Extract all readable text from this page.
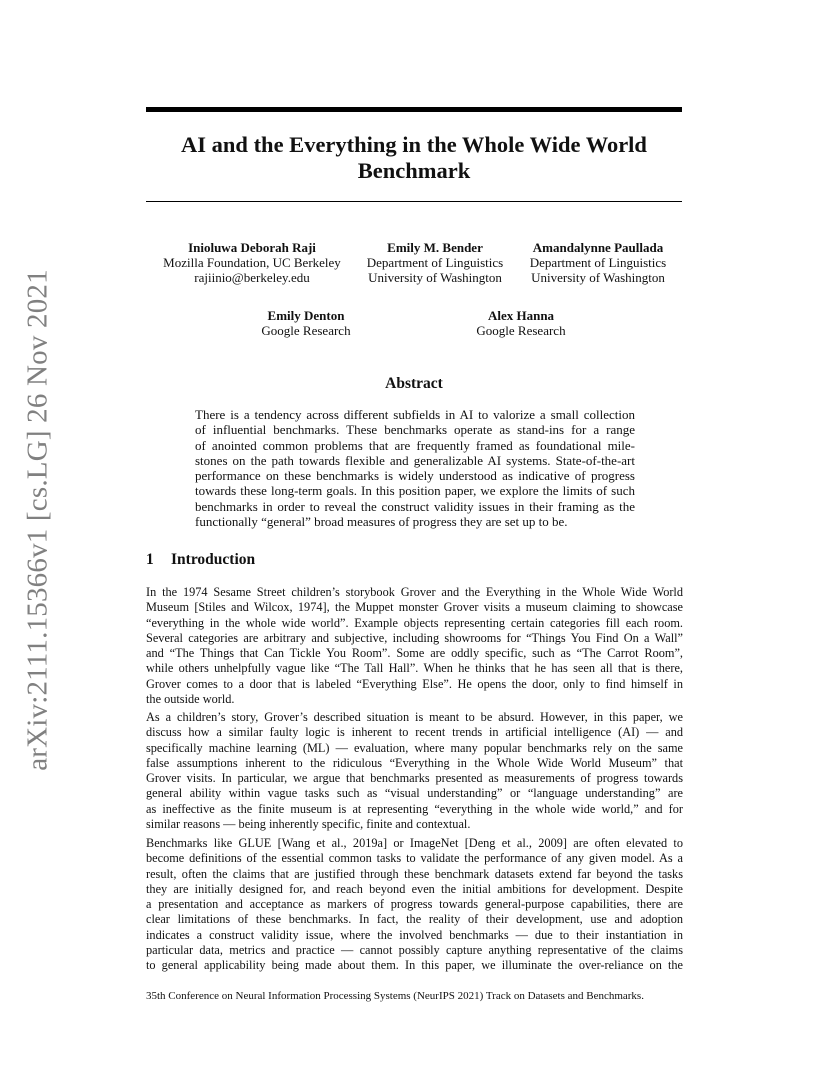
arXiv:2111.15366v1 [cs.LG] 26 Nov 2021
AI and the Everything in the Whole Wide World
Benchmark
Inioluwa Deborah Raji
Mozilla Foundation, UC Berkeley
rajiinio@berkeley.edu
Emily M. Bender
Department of Linguistics
University of Washington
Amandalynne Paullada
Department of Linguistics
University of Washington
Emily Denton
Google Research
Alex Hanna
Google Research
Abstract
There is a tendency across different subfields in AI to valorize a small collection
of influential benchmarks. These benchmarks operate as stand-ins for a range
of anointed common problems that are frequently framed as foundational mile-
stones on the path towards flexible and generalizable AI systems. State-of-the-art
performance on these benchmarks is widely understood as indicative of progress
towards these long-term goals. In this position paper, we explore the limits of such
benchmarks in order to reveal the construct validity issues in their framing as the
functionally “general” broad measures of progress they are set up to be.
1 Introduction
In the 1974 Sesame Street children’s storybook Grover and the Everything in the Whole Wide World
Museum [Stiles and Wilcox, 1974], the Muppet monster Grover visits a museum claiming to showcase
“everything in the whole wide world”. Example objects representing certain categories fill each room.
Several categories are arbitrary and subjective, including showrooms for “Things You Find On a Wall”
and “The Things that Can Tickle You Room”. Some are oddly specific, such as “The Carrot Room”,
while others unhelpfully vague like “The Tall Hall”. When he thinks that he has seen all that is there,
Grover comes to a door that is labeled “Everything Else”. He opens the door, only to find himself in
the outside world.
As a children’s story, Grover’s described situation is meant to be absurd. However, in this paper, we
discuss how a similar faulty logic is inherent to recent trends in artificial intelligence (AI) — and
specifically machine learning (ML) — evaluation, where many popular benchmarks rely on the same
false assumptions inherent to the ridiculous “Everything in the Whole Wide World Museum” that
Grover visits. In particular, we argue that benchmarks presented as measurements of progress towards
general ability within vague tasks such as “visual understanding” or “language understanding” are
as ineffective as the finite museum is at representing “everything in the whole wide world,” and for
similar reasons — being inherently specific, finite and contextual.
Benchmarks like GLUE [Wang et al., 2019a] or ImageNet [Deng et al., 2009] are often elevated to
become definitions of the essential common tasks to validate the performance of any given model. As a
result, often the claims that are justified through these benchmark datasets extend far beyond the tasks
they are initially designed for, and reach beyond even the initial ambitions for development. Despite
a presentation and acceptance as markers of progress towards general-purpose capabilities, there are
clear limitations of these benchmarks. In fact, the reality of their development, use and adoption
indicates a construct validity issue, where the involved benchmarks — due to their instantiation in
particular data, metrics and practice — cannot possibly capture anything representative of the claims
to general applicability being made about them. In this paper, we illuminate the over-reliance on the
35th Conference on Neural Information Processing Systems (NeurIPS 2021) Track on Datasets and Benchmarks.
